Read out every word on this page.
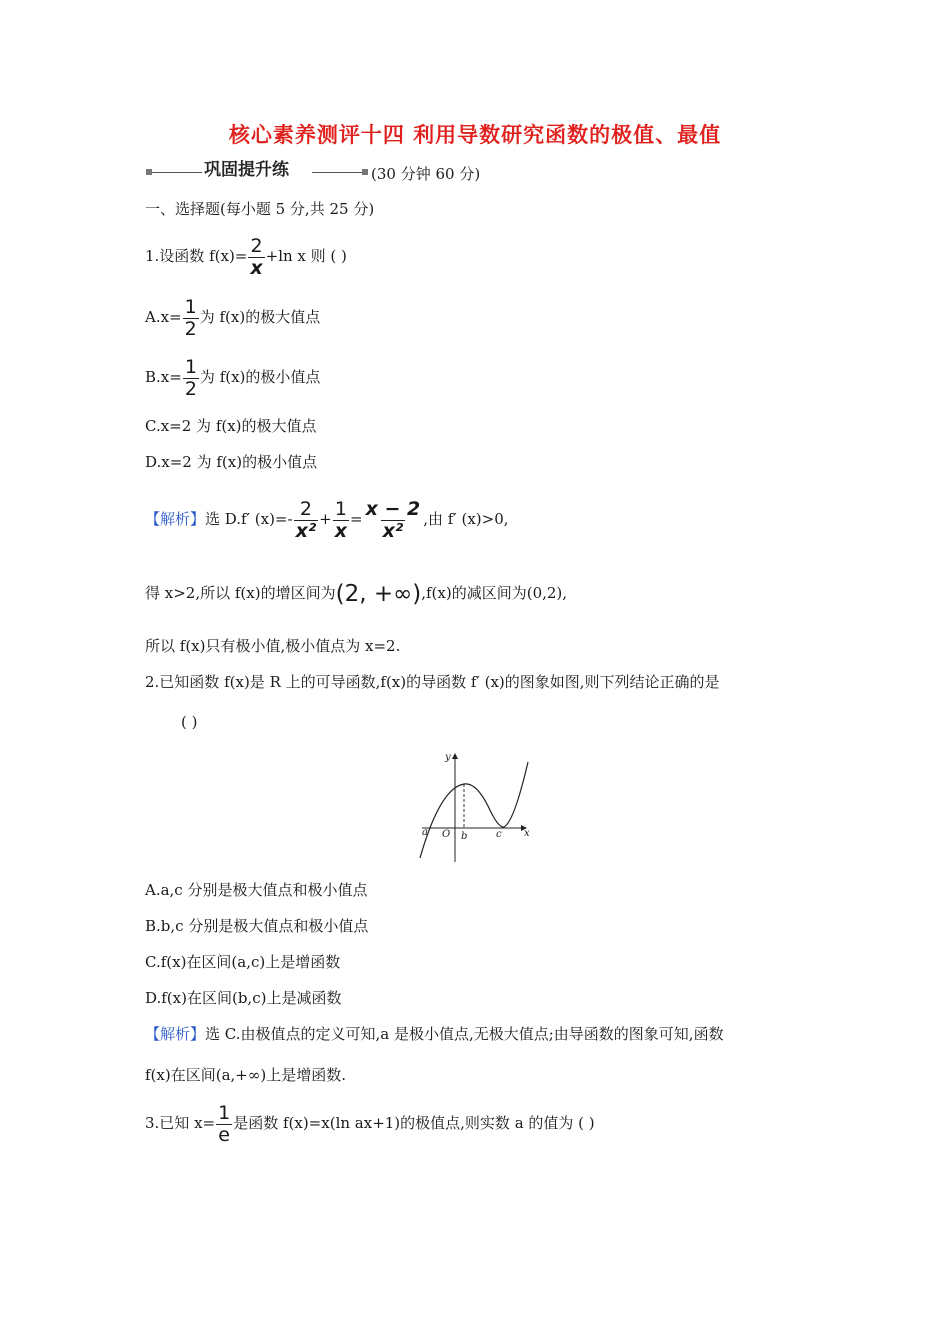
核心素养测评十四 利用导数研究函数的极值、最值
巩固提升练	(30 分钟 60 分)
一、选择题(每小题 5 分,共 25 分)
1.设函数 $f(x)= \frac{2}{x} +\ln$ x 则 ( )
$A.x= \frac{1}{2}$ 为 f(x)的极大值点
$B.x= \frac{1}{2}$ 为 f(x)的极小值点
C.x=2 为 f(x)的极大值点
D.x=2 为 f(x)的极小值点
【解析】选 D.f′ $(x)=- \frac{2}{\text{x²}} + \frac{1}{x} = \frac{x - 2}{\text{x²}}$ ,由 f′ (x)>0,
得 x>2,所以 f(x)的增区间为(2, +∞),f(x)的减区间为(0,2),
所以 f(x)只有极小值,极小值点为 x=2.
2.已知函数 f(x)是 R 上的可导函数,f(x)的导函数 f′ (x)的图象如图,则下列结论正确的是
( )
y
x
a O b	c
A.a,c 分别是极大值点和极小值点
B.b,c 分别是极大值点和极小值点
C.f(x)在区间(a,c)上是增函数
D.f(x)在区间(b,c)上是减函数
【解析】选 C.由极值点的定义可知,a 是极小值点,无极大值点;由导函数的图象可知,函数
f(x)在区间(a,+∞)上是增函数.
3.已知 $x= \frac{1}{e}$ 是函数 f(x)=x(ln ax+1)的极值点,则实数 a 的值为 ( )
